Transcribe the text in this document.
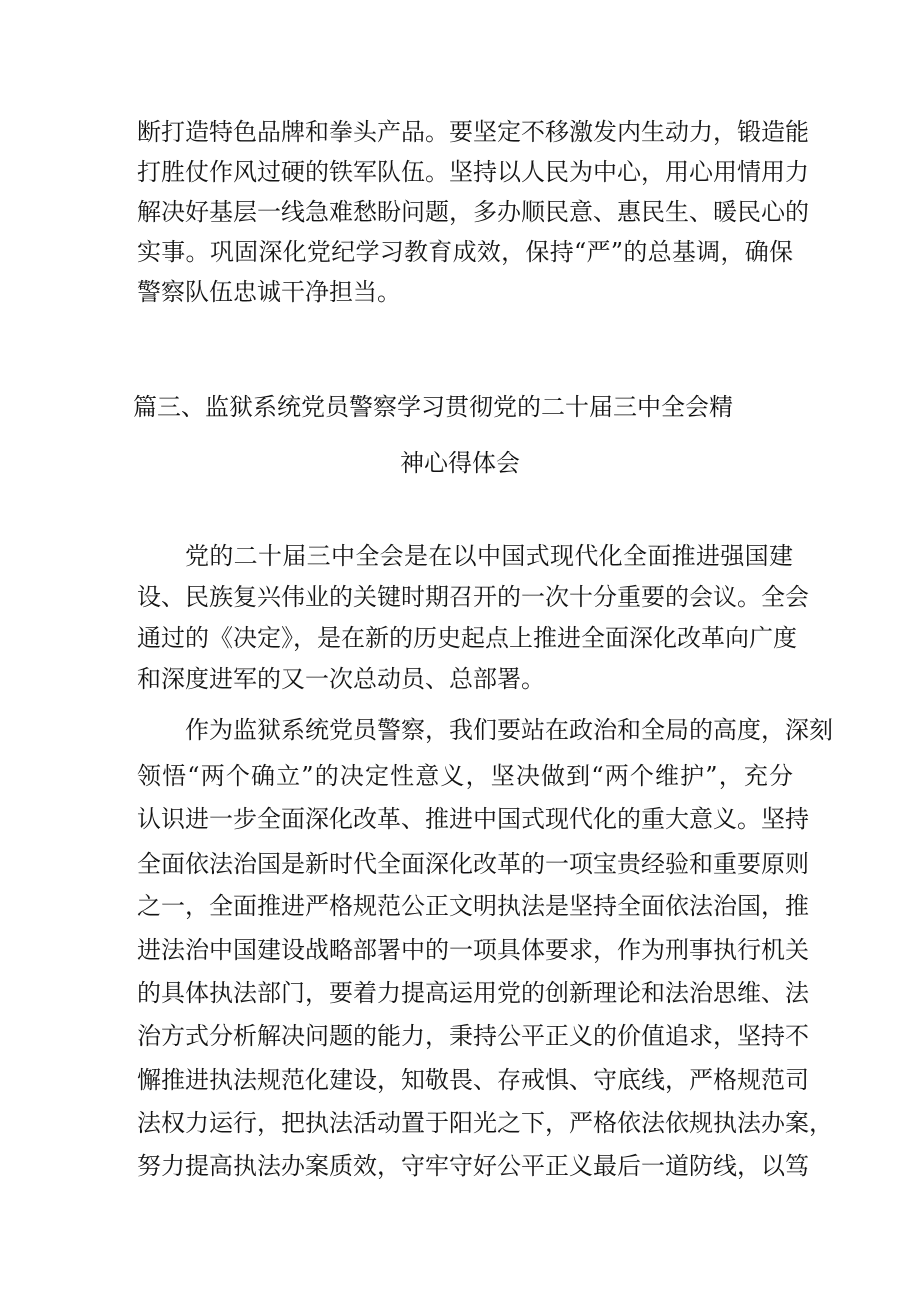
断打造特色品牌和拳头产品。要坚定不移激发内生动力，锻造能
打胜仗作风过硬的铁军队伍。坚持以人民为中心，用心用情用力
解决好基层一线急难愁盼问题，多办顺民意、惠民生、暖民心的
实事。巩固深化党纪学习教育成效，保持“严”的总基调，确保
警察队伍忠诚干净担当。
篇三、监狱系统党员警察学习贯彻党的二十届三中全会精
神心得体会
党的二十届三中全会是在以中国式现代化全面推进强国建
设、民族复兴伟业的关键时期召开的一次十分重要的会议。全会
通过的《决定》，是在新的历史起点上推进全面深化改革向广度
和深度进军的又一次总动员、总部署。
作为监狱系统党员警察，我们要站在政治和全局的高度，深刻
领悟“两个确立”的决定性意义，坚决做到“两个维护”，充分
认识进一步全面深化改革、推进中国式现代化的重大意义。坚持
全面依法治国是新时代全面深化改革的一项宝贵经验和重要原则
之一，全面推进严格规范公正文明执法是坚持全面依法治国，推
进法治中国建设战略部署中的一项具体要求，作为刑事执行机关
的具体执法部门，要着力提高运用党的创新理论和法治思维、法
治方式分析解决问题的能力，秉持公平正义的价值追求，坚持不
懈推进执法规范化建设，知敬畏、存戒惧、守底线，严格规范司
法权力运行，把执法活动置于阳光之下，严格依法依规执法办案，
努力提高执法办案质效，守牢守好公平正义最后一道防线，以笃
